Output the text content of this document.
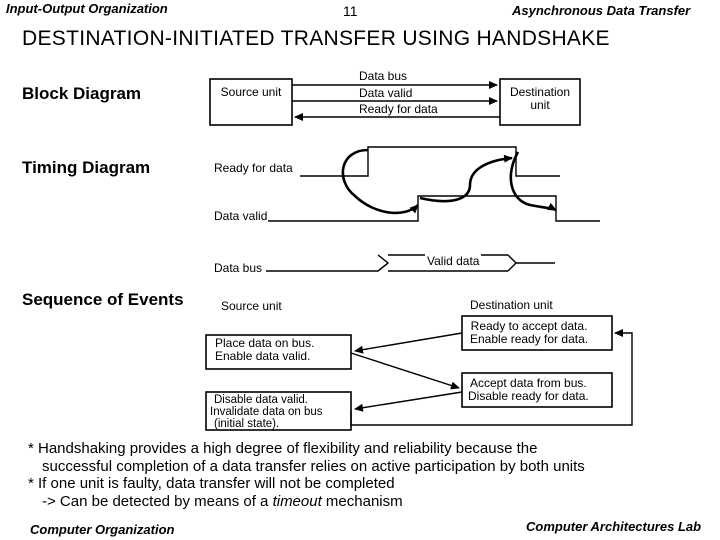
Input-Output Organization	11	Asynchronous Data Transfer
DESTINATION-INITIATED TRANSFER USING HANDSHAKE
Block Diagram
Timing Diagram
Sequence of Events
Source unit	Destination unit
Data bus
Data valid
Ready for data
Ready for data
Data valid
Data bus	Valid data
Source unit	Destination unit
Place data on bus.
Enable data valid.
Disable data valid.
Invalidate data on bus
(initial state).
Ready to accept data.
Enable ready for data.
Accept data from bus.
Disable ready for data.
* Handshaking provides a high degree of flexibility and reliability because the
successful completion of a data transfer relies on active participation by both units
* If one unit is faulty, data transfer will not be completed
-> Can be detected by means of a timeout mechanism
Computer Organization	Computer Architectures Lab
